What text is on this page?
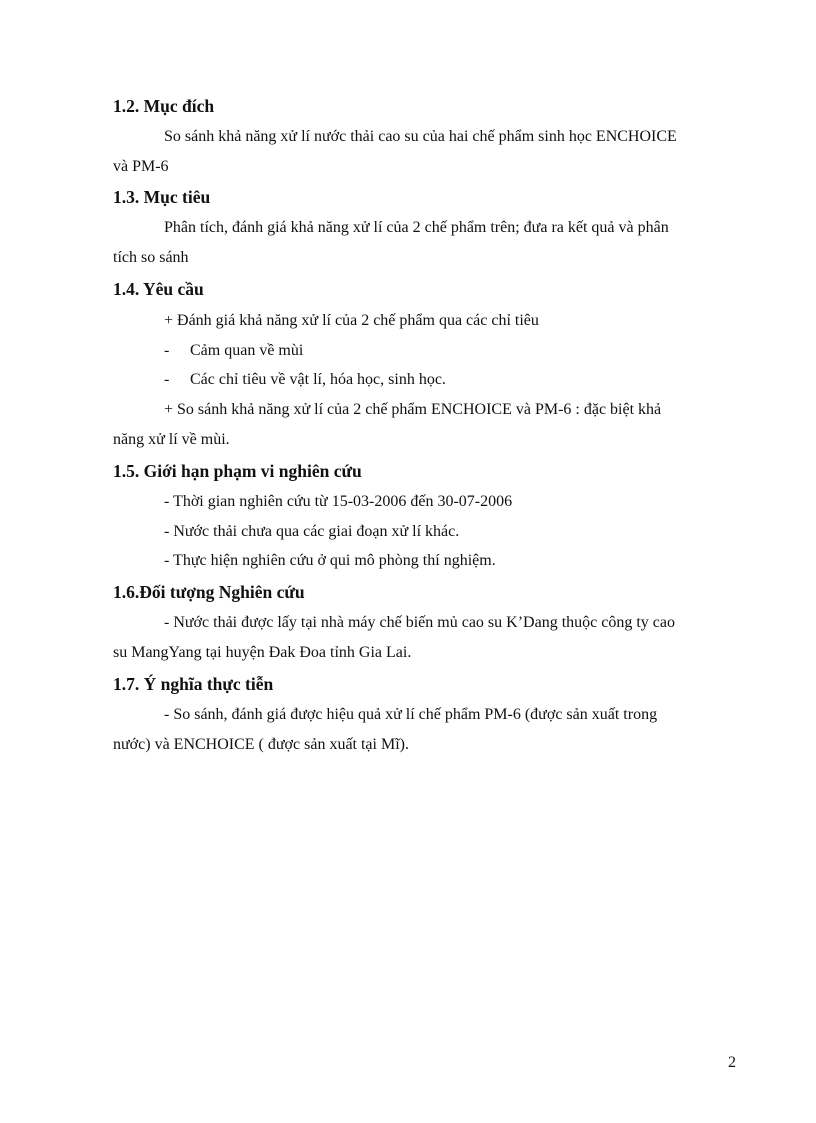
1.2. Mục đích
So sánh khả năng xử lí nước thải cao su của hai chế phẩm sinh học ENCHOICE
và PM-6
1.3. Mục tiêu
Phân tích, đánh giá khả năng xử lí của 2 chế phẩm trên; đưa ra kết quả và phân
tích so sánh
1.4. Yêu cầu
+ Đánh giá khả năng xử lí của 2 chế phẩm qua các chỉ tiêu
- Cảm quan về mùi
- Các chỉ tiêu về vật lí, hóa học, sinh học.
+ So sánh khả năng xử lí của 2 chế phẩm ENCHOICE và PM-6 : đặc biệt khả
năng xử lí về mùi.
1.5. Giới hạn phạm vi nghiên cứu
- Thời gian nghiên cứu từ 15-03-2006 đến 30-07-2006
- Nước thải chưa qua các giai đoạn xử lí khác.
- Thực hiện nghiên cứu ở qui mô phòng thí nghiệm.
1.6.Đối tượng Nghiên cứu
- Nước thải được lấy tại nhà máy chế biến mủ cao su K’Dang thuộc công ty cao
su MangYang tại huyện Đak Đoa tỉnh Gia Lai.
1.7. Ý nghĩa thực tiễn
- So sánh, đánh giá được hiệu quả xử lí chế phẩm PM-6 (được sản xuất trong
nước) và ENCHOICE ( được sản xuất tại Mĩ).
2
